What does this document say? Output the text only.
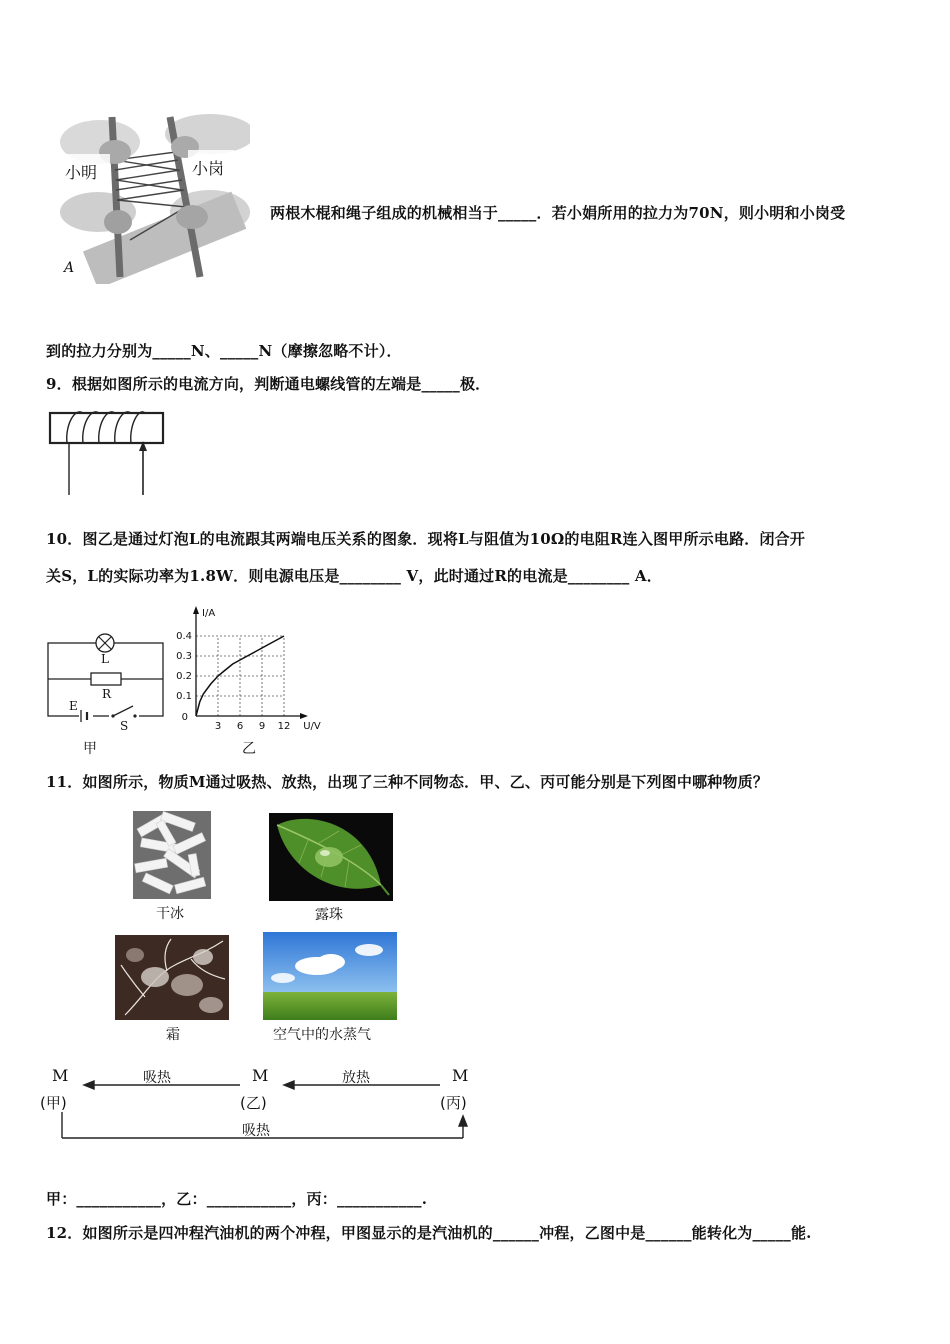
小明	小岗
A
两根木棍和绳子组成的机械相当于_____．若小娟所用的拉力为70N，则小明和小岗受
到的拉力分别为_____N、_____N（摩擦忽略不计）．
9．根据如图所示的电流方向，判断通电螺线管的左端是_____极．
10．图乙是通过灯泡L的电流跟其两端电压关系的图象．现将L与阻值为10Ω的电阻R连入图甲所示电路．闭合开
关S，L的实际功率为1.8W．则电源电压是________ V，此时通过R的电流是________ A．
L
R
E
S
甲
3 6 9 12
0.1
0.2
0.3
0.4
0
U/V
I/A
乙
11．如图所示，物质M通过吸热、放热，出现了三种不同物态．甲、乙、丙可能分别是下列图中哪种物质？
干冰	露珠
霜	空气中的水蒸气
M
(甲)
吸热	M
(乙)
放热	M
(丙)
吸热
甲：___________，乙：___________，丙：___________.
12．如图所示是四冲程汽油机的两个冲程，甲图显示的是汽油机的______冲程，乙图中是______能转化为_____能.
